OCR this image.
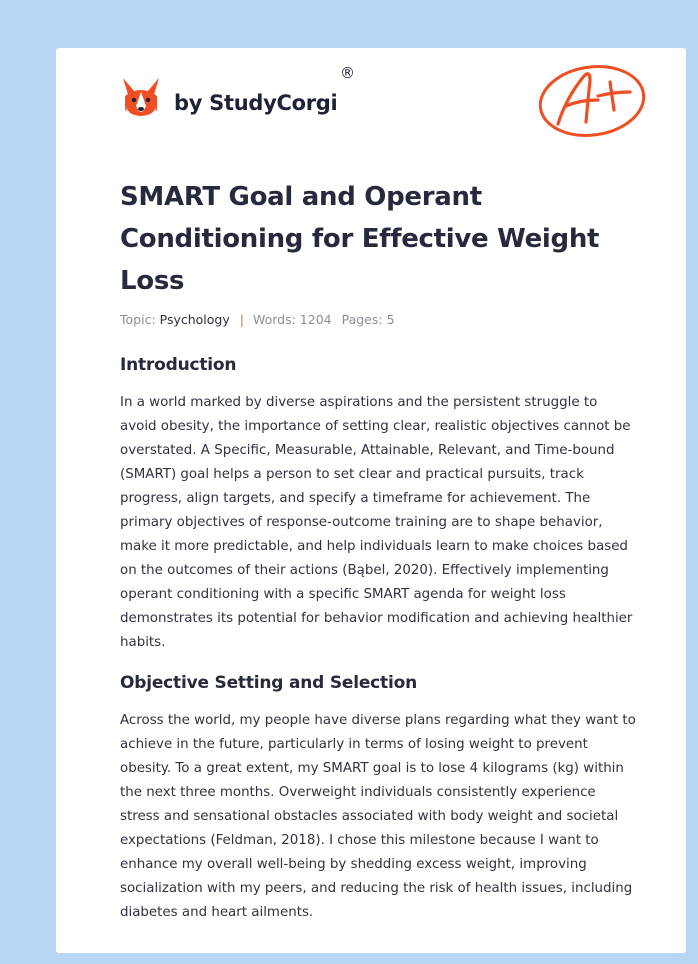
by StudyCorgi
®
SMART Goal and Operant Conditioning for Effective Weight Loss
Topic: Psychology | Words: 1204 Pages: 5
Introduction

In a world marked by diverse aspirations and the persistent struggle to avoid obesity, the importance of setting clear, realistic objectives cannot be overstated. A Specific, Measurable, Attainable, Relevant, and Time-bound (SMART) goal helps a person to set clear and practical pursuits, track progress, align targets, and specify a timeframe for achievement. The primary objectives of response-outcome training are to shape behavior, make it more predictable, and help individuals learn to make choices based on the outcomes of their actions (Bąbel, 2020). Effectively implementing operant conditioning with a specific SMART agenda for weight loss demonstrates its potential for behavior modification and achieving healthier habits.

Objective Setting and Selection

Across the world, my people have diverse plans regarding what they want to achieve in the future, particularly in terms of losing weight to prevent obesity. To a great extent, my SMART goal is to lose 4 kilograms (kg) within the next three months. Overweight individuals consistently experience stress and sensational obstacles associated with body weight and societal expectations (Feldman, 2018). I chose this milestone because I want to enhance my overall well-being by shedding excess weight, improving socialization with my peers, and reducing the risk of health issues, including diabetes and heart ailments.
